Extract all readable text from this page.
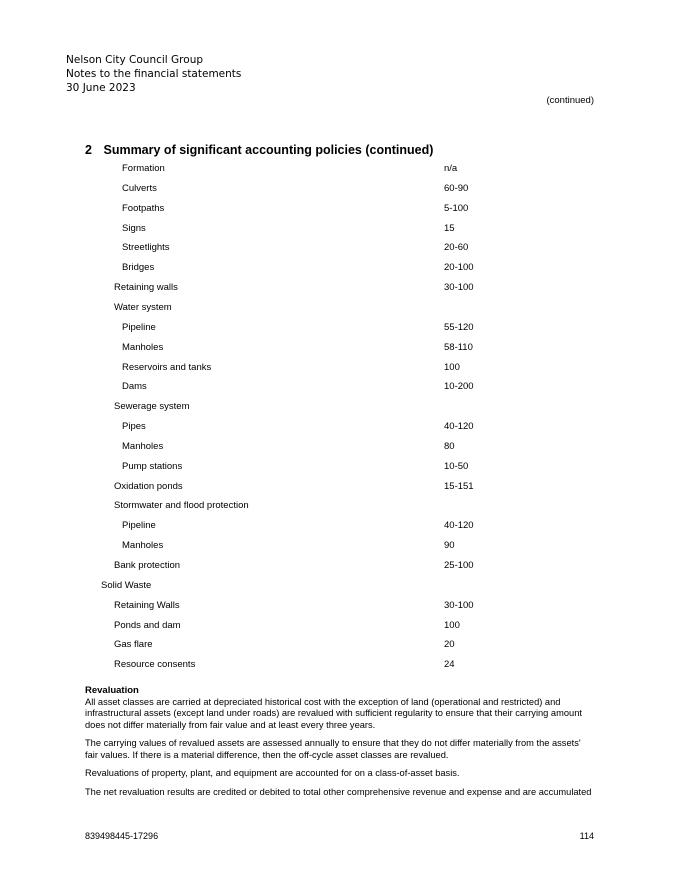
Nelson City Council Group
Notes to the financial statements
30 June 2023
(continued)
2 Summary of significant accounting policies (continued)
Formation	n/a
Culverts	60-90
Footpaths	5-100
Signs	15
Streetlights	20-60
Bridges	20-100
Retaining walls	30-100
Water system
Pipeline	55-120
Manholes	58-110
Reservoirs and tanks	100
Dams	10-200
Sewerage system
Pipes	40-120
Manholes	80
Pump stations	10-50
Oxidation ponds	15-151
Stormwater and flood protection
Pipeline	40-120
Manholes	90
Bank protection	25-100
Solid Waste
Retaining Walls	30-100
Ponds and dam	100
Gas flare	20
Resource consents	24
Revaluation

All asset classes are carried at depreciated historical cost with the exception of land (operational and restricted) and infrastructural assets (except land under roads) are revalued with sufficient regularity to ensure that their carrying amount does not differ materially from fair value and at least every three years.

The carrying values of revalued assets are assessed annually to ensure that they do not differ materially from the assets' fair values. If there is a material difference, then the off-cycle asset classes are revalued.

Revaluations of property, plant, and equipment are accounted for on a class-of-asset basis.

The net revaluation results are credited or debited to total other comprehensive revenue and expense and are accumulated

839498445-17296	114
